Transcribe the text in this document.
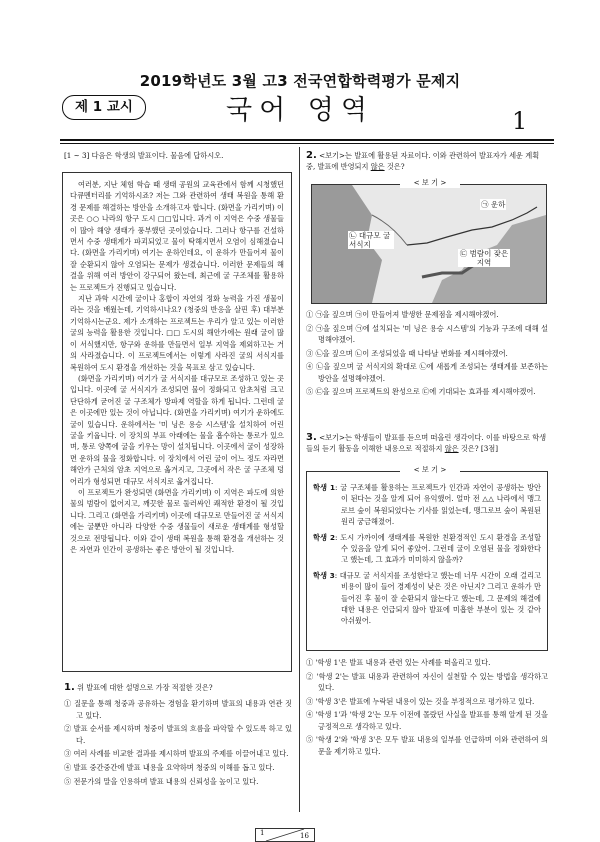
2019학년도 3월 고3 전국연합학력평가 문제지
제 1 교시	국어 영역	1
[1 ~ 3] 다음은 학생의 발표이다. 물음에 답하시오.

여러분, 지난 체험 학습 때 생태 공원의 교육관에서 함께 시청했던 다큐멘터리를 기억하시죠? 저는 그와 관련하여 생태 복원을 통해 환경 문제를 해결하는 방안을 소개하고자 합니다. (화면을 가리키며) 이곳은 ○○ 나라의 항구 도시 □□입니다. 과거 이 지역은 수중 생물들이 많아 해양 생태가 풍부했던 곳이었습니다. 그러나 항구를 건설하면서 수중 생태계가 파괴되었고 물이 탁해지면서 오염이 심해졌습니다. (화면을 가리키며) 여기는 운하인데요, 이 운하가 만들어져 물이 잘 순환되지 않아 오염되는 문제가 생겼습니다. 이러한 문제들의 해결을 위해 여러 방안이 강구되어 왔는데, 최근에 굴 구조체를 활용하는 프로젝트가 진행되고 있습니다.

지난 과학 시간에 굴이나 홍합이 자연의 정화 능력을 가진 생물이라는 것을 배웠는데, 기억하시나요? (청중의 반응을 살핀 후) 대부분 기억하시는군요. 제가 소개하는 프로젝트는 우리가 알고 있는 이러한 굴의 능력을 활용한 것입니다. □□ 도시의 해안가에는 원래 굴이 많이 서식했지만, 항구와 운하를 만들면서 일부 지역을 제외하고는 거의 사라졌습니다. 이 프로젝트에서는 이렇게 사라진 굴의 서식지를 복원하여 도시 환경을 개선하는 것을 목표로 삼고 있습니다.

(화면을 가리키며) 여기가 굴 서식지를 대규모로 조성하고 있는 곳입니다. 이곳에 굴 서식지가 조성되면 물이 정화되고 암초처럼 크고 단단하게 굳어진 굴 구조체가 방파제 역할을 하게 됩니다. 그런데 굴은 이곳에만 있는 것이 아닙니다. (화면을 가리키며) 여기가 운하에도 굴이 있습니다. 운하에서는 '미 닝은 용승 시스템'을 설치하여 어린 굴을 키웁니다. 이 장치의 부표 아래에는 물을 흡수하는 통로가 있으며, 통로 양쪽에 굴을 키우는 망이 설치됩니다. 이곳에서 굴이 성장하면 운하의 물을 정화합니다. 이 장치에서 어린 굴이 어느 정도 자라면 해안가 근처의 암초 지역으로 옮겨지고, 그곳에서 작은 굴 구조체 덩어리가 형성되면 대규모 서식지로 옮겨집니다.

이 프로젝트가 완성되면 (화면을 가리키며) 이 지역은 파도에 의한 물의 범람이 없어지고, 깨끗한 물로 둘러싸인 쾌적한 환경이 될 것입니다. 그리고 (화면을 가리키며) 이곳에 대규모로 만들어진 굴 서식지에는 굴뿐만 아니라 다양한 수중 생물들이 새로운 생태계를 형성할 것으로 전망됩니다. 이와 같이 생태 복원을 통해 환경을 개선하는 것은 자연과 인간이 공생하는 좋은 방안이 될 것입니다.

1. 위 발표에 대한 설명으로 가장 적절한 것은?

① 질문을 통해 청중과 공유하는 경험을 환기하며 발표의 내용과 연관 짓고 있다.

② 발표 순서를 제시하며 청중이 발표의 흐름을 파악할 수 있도록 하고 있다.

③ 여러 사례를 비교한 결과를 제시하며 발표의 주제를 이끌어내고 있다.

④ 발표 중간중간에 발표 내용을 요약하며 청중의 이해를 돕고 있다.

⑤ 전문가의 말을 인용하며 발표 내용의 신뢰성을 높이고 있다.

2. <보기>는 발표에 활용된 자료이다. 이와 관련하여 발표자가 세운 계획 중, 발표에 반영되지 않은 것은?
< 보 기 >
㉠ 운하
㉡ 대규모 굴 서식지
㉢ 범람이 잦은 지역

① ㉠을 짚으며 ㉠이 만들어져 발생한 문제점을 제시해야겠어.

② ㉠을 짚으며 ㉠에 설치되는 '미 닝은 용승 시스템'의 기능과 구조에 대해 설명해야겠어.

③ ㉡을 짚으며 ㉡이 조성되었을 때 나타날 변화를 제시해야겠어.

④ ㉡을 짚으며 굴 서식지의 확대로 ㉡에 새롭게 조성되는 생태계를 보존하는 방안을 설명해야겠어.

⑤ ㉢을 짚으며 프로젝트의 완성으로 ㉢에 기대되는 효과를 제시해야겠어.

3. <보기>는 학생들이 발표를 듣으며 떠올린 생각이다. 이를 바탕으로 학생들의 듣기 활동을 이해한 내용으로 적절하지 않은 것은? [3점]
< 보 기 >

학생 1: 굴 구조체를 활용하는 프로젝트가 인간과 자연이 공생하는 방안이 된다는 것을 알게 되어 유익했어. 얼마 전 △△ 나라에서 맹그로브 숲이 복원되었다는 기사를 읽었는데, 맹그로브 숲이 복원된 원리 궁금해졌어.

학생 2: 도시 가까이에 생태계를 복원한 친환경적인 도시 환경을 조성할 수 있음을 알게 되어 좋았어. 그런데 굴이 오염된 물을 정화한다고 했는데, 그 효과가 미미하지 않을까?

학생 3: 대규모 굴 서식지를 조성한다고 했는데 너무 시간이 오래 걸리고 비용이 많이 들어 경제성이 낮은 것은 아닌지? 그리고 운하가 만들어진 후 물이 잘 순환되지 않는다고 했는데, 그 문제의 해결에 대한 내용은 언급되지 않아 발표에 미흡한 부분이 있는 것 같아 아쉬웠어.

① '학생 1'은 발표 내용과 관련 있는 사례를 떠올리고 있다.

② '학생 2'는 발표 내용과 관련하여 자신이 실천할 수 있는 방법을 생각하고 있다.

③ '학생 3'은 발표에 누락된 내용이 있는 것을 부정적으로 평가하고 있다.

④ '학생 1'과 '학생 2'는 모두 이전에 몰랐던 사실을 발표를 통해 알게 된 것을 긍정적으로 생각하고 있다.

⑤ '학생 2'와 '학생 3'은 모두 발표 내용의 일부를 언급하며 이와 관련하여 의문을 제기하고 있다.

1	16
